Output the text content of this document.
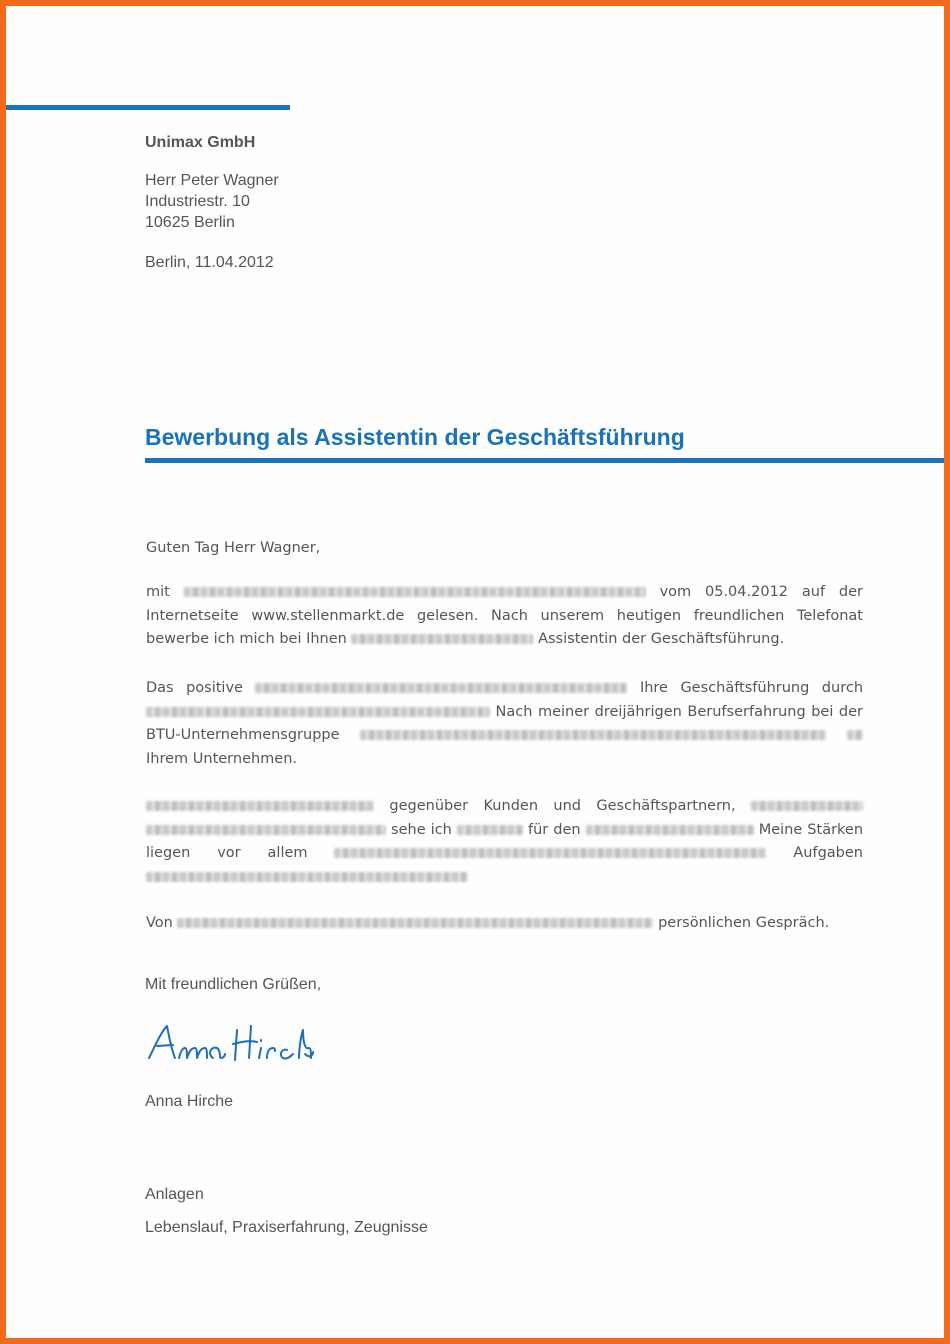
Unimax GmbH
Herr Peter Wagner
Industriestr. 10
10625 Berlin
Berlin, 11.04.2012
Bewerbung als Assistentin der Geschäftsführung
Guten Tag Herr Wagner,
mit	vom 05.04.2012 auf der Internetseite www.stellenmarkt.de gelesen. Nach unserem heutigen freundlichen Telefonat bewerbe ich mich bei Ihnen	Assistentin der Geschäftsführung.
Das positive	Ihre Geschäftsführung durch  Nach meiner dreijährigen Berufserfahrung bei der BTU-Unternehmensgruppe   Ihrem Unternehmen.
gegenüber Kunden und Geschäftspartnern,   sehe ich	für den	Meine Stärken liegen vor allem	Aufgaben
Von	persönlichen Gespräch.
Mit freundlichen Grüßen,
Anna Hirche
Anlagen
Lebenslauf, Praxiserfahrung, Zeugnisse
